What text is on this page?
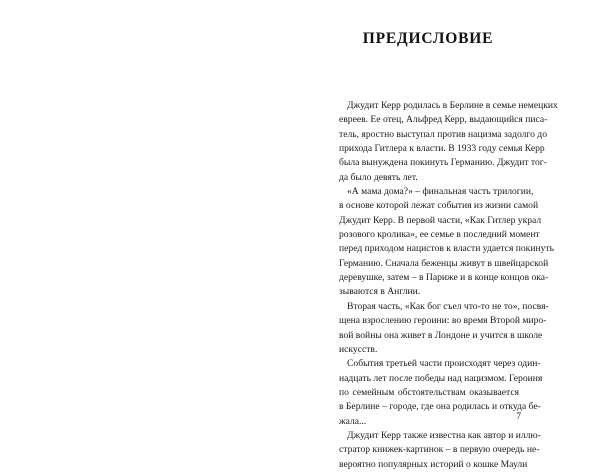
ПРЕДИСЛОВИЕ
Джудит Керр родилась в Берлине в семье немецких
евреев. Ее отец, Альфред Керр, выдающийся писа-
тель, яростно выступал против нацизма задолго до
прихода Гитлера к власти. В 1933 году семья Керр
была вынуждена покинуть Германию. Джудит тог-
да было девять лет.
«А мама дома?» – финальная часть трилогии,
в основе которой лежат события из жизни самой
Джудит Керр. В первой части, «Как Гитлер украл
розового кролика», ее семье в последний момент
перед приходом нацистов к власти удается покинуть
Германию. Сначала беженцы живут в швейцарской
деревушке, затем – в Париже и в конце концов ока-
зываются в Англии.
Вторая часть, «Как бог съел что-то не то», посвя-
щена взрослению героини: во время Второй миро-
вой войны она живет в Лондоне и учится в школе
искусств.
События третьей части происходят через один-
надцать лет после победы над нацизмом. Героиня
по семейным обстоятельствам оказывается
в Берлине – городе, где она родилась и откуда бе-
жала...
Джудит Керр также известна как автор и иллю-
стратор книжек-картинок – в первую очередь не-
вероятно популярных историй о кошке Маули
7
